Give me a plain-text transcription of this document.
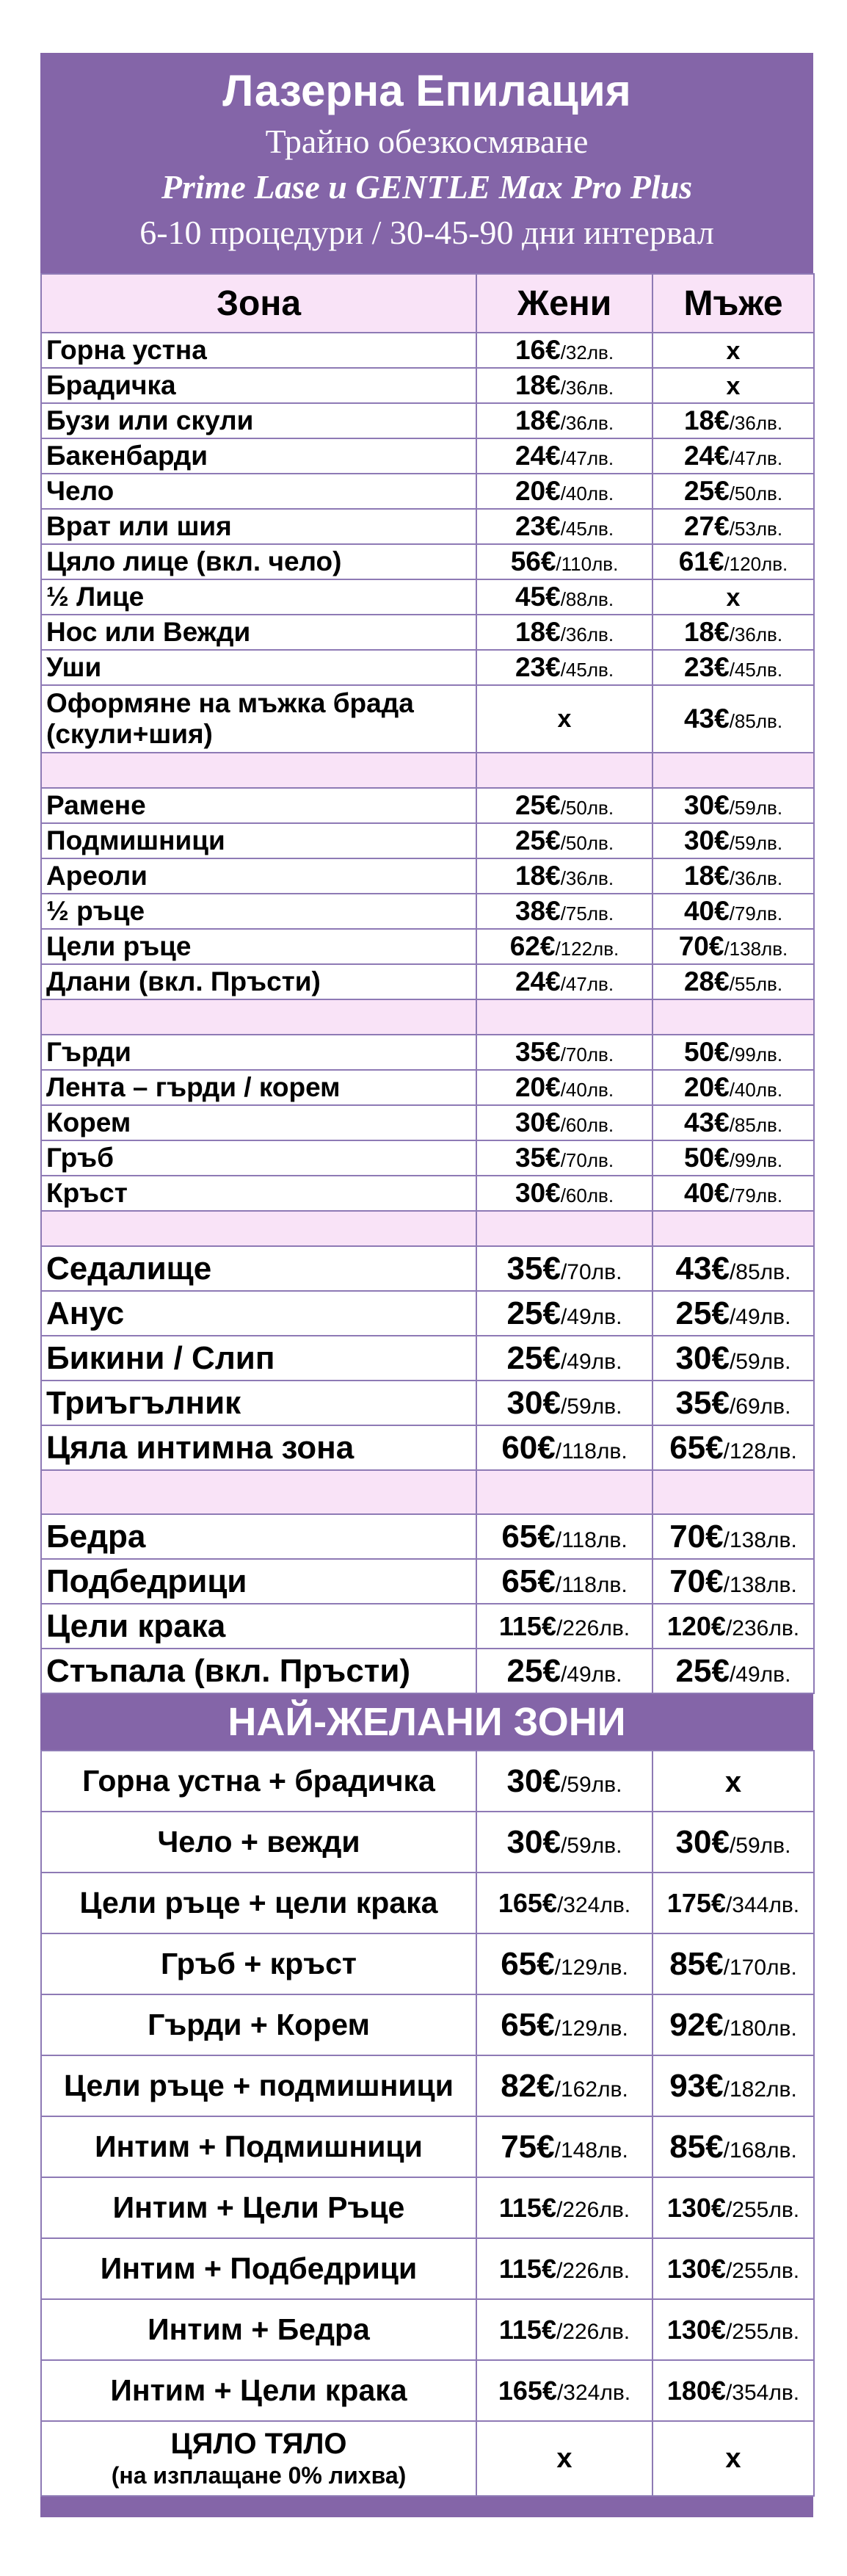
Лазерна Епилация
Трайно обезкосмяване
Prime Lase и GENTLE Max Pro Plus
6-10 процедури / 30-45-90 дни интервал
Зона	Жени	Мъже
Горна устна	16€/32лв.	x
Брадичка	18€/36лв.	x
Бузи или скули	18€/36лв.	18€/36лв.
Бакенбарди	24€/47лв.	24€/47лв.
Чело	20€/40лв.	25€/50лв.
Врат или шия	23€/45лв.	27€/53лв.
Цяло лице (вкл. чело)	56€/110лв.	61€/120лв.
½ Лице	45€/88лв.	x
Нос или Вежди	18€/36лв.	18€/36лв.
Уши	23€/45лв.	23€/45лв.

Оформяне на мъжка брада
(скули+шия)	x	43€/85лв.

Рамене	25€/50лв.	30€/59лв.
Подмишници	25€/50лв.	30€/59лв.
Ареоли	18€/36лв.	18€/36лв.
½ ръце	38€/75лв.	40€/79лв.
Цели ръце	62€/122лв.	70€/138лв.
Длани (вкл. Пръсти)	24€/47лв.	28€/55лв.

Гърди	35€/70лв.	50€/99лв.
Лента – гърди / корем	20€/40лв.	20€/40лв.
Корем	30€/60лв.	43€/85лв.
Гръб	35€/70лв.	50€/99лв.
Кръст	30€/60лв.	40€/79лв.

Седалище	35€/70лв.	43€/85лв.
Анус	25€/49лв.	25€/49лв.
Бикини / Слип	25€/49лв.	30€/59лв.
Триъгълник	30€/59лв.	35€/69лв.
Цяла интимна зона	60€/118лв.	65€/128лв.

Бедра	65€/118лв.	70€/138лв.
Подбедрици	65€/118лв.	70€/138лв.
Цели крака	115€/226лв.	120€/236лв.
Стъпала (вкл. Пръсти)	25€/49лв.	25€/49лв.
НАЙ-ЖЕЛАНИ ЗОНИ
Горна устна + брадичка	30€/59лв.	x
Чело + вежди	30€/59лв.	30€/59лв.
Цели ръце + цели крака	165€/324лв.	175€/344лв.
Гръб + кръст	65€/129лв.	85€/170лв.
Гърди + Корем	65€/129лв.	92€/180лв.
Цели ръце + подмишници	82€/162лв.	93€/182лв.
Интим + Подмишници	75€/148лв.	85€/168лв.
Интим + Цели Ръце	115€/226лв.	130€/255лв.
Интим + Подбедрици	115€/226лв.	130€/255лв.
Интим + Бедра	115€/226лв.	130€/255лв.
Интим + Цели крака	165€/324лв.	180€/354лв.

ЦЯЛО ТЯЛО
(на изплащане 0% лихва)	x	x
